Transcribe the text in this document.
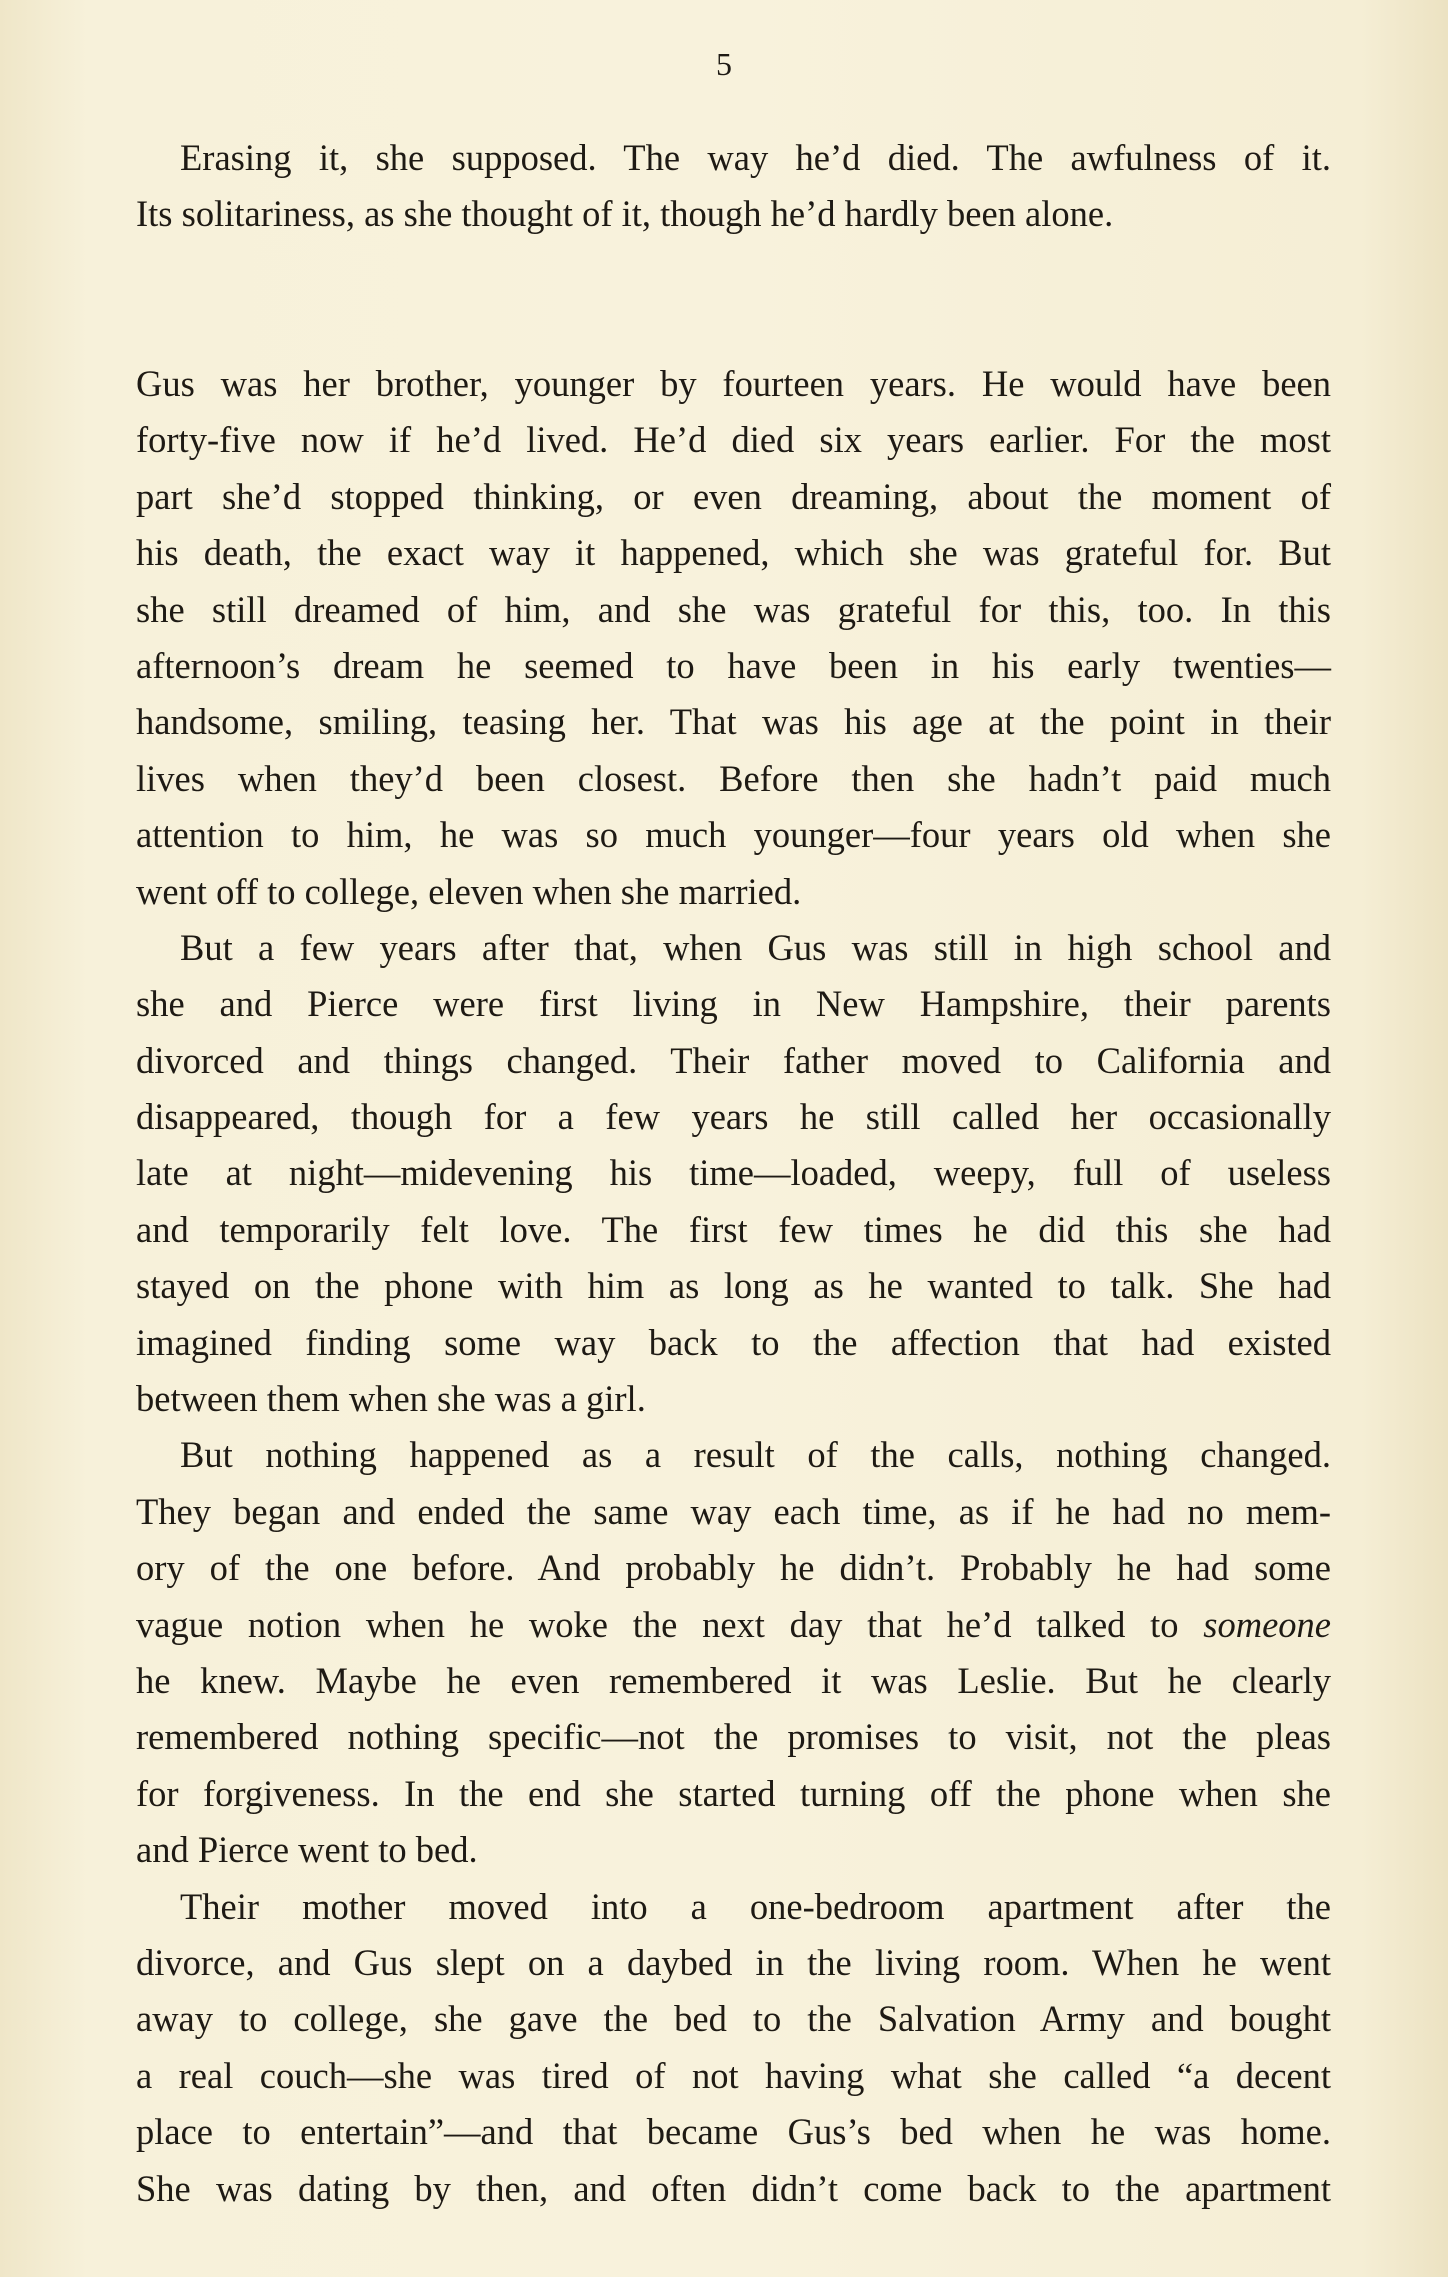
5
Erasing it, she supposed. The way he’d died. The awfulness of it.
Its solitariness, as she thought of it, though he’d hardly been alone.
Gus was her brother, younger by fourteen years. He would have been
forty-five now if he’d lived. He’d died six years earlier. For the most
part she’d stopped thinking, or even dreaming, about the moment of
his death, the exact way it happened, which she was grateful for. But
she still dreamed of him, and she was grateful for this, too. In this
afternoon’s dream he seemed to have been in his early twenties—
handsome, smiling, teasing her. That was his age at the point in their
lives when they’d been closest. Before then she hadn’t paid much
attention to him, he was so much younger—four years old when she
went off to college, eleven when she married.
But a few years after that, when Gus was still in high school and
she and Pierce were first living in New Hampshire, their parents
divorced and things changed. Their father moved to California and
disappeared, though for a few years he still called her occasionally
late at night—midevening his time—loaded, weepy, full of useless
and temporarily felt love. The first few times he did this she had
stayed on the phone with him as long as he wanted to talk. She had
imagined finding some way back to the affection that had existed
between them when she was a girl.
But nothing happened as a result of the calls, nothing changed.
They began and ended the same way each time, as if he had no mem-
ory of the one before. And probably he didn’t. Probably he had some
vague notion when he woke the next day that he’d talked to someone
he knew. Maybe he even remembered it was Leslie. But he clearly
remembered nothing specific—not the promises to visit, not the pleas
for forgiveness. In the end she started turning off the phone when she
and Pierce went to bed.
Their mother moved into a one-bedroom apartment after the
divorce, and Gus slept on a daybed in the living room. When he went
away to college, she gave the bed to the Salvation Army and bought
a real couch—she was tired of not having what she called “a decent
place to entertain”—and that became Gus’s bed when he was home.
She was dating by then, and often didn’t come back to the apartment
